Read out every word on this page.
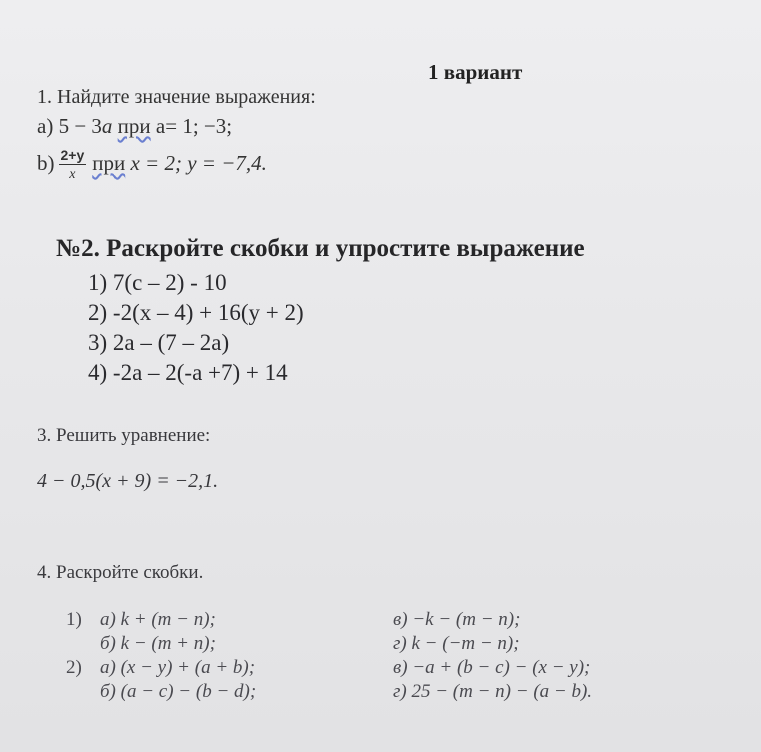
1 вариант
1. Найдите значение выражения:
a) 5 − 3a при a= 1; −3;
$b) \frac{2+y}{x}$ при x = 2; y = −7,4.
№2. Раскройте скобки и упростите выражение
1) 7(c – 2) - 10
2) -2(x – 4) + 16(y + 2)
3) 2a – (7 – 2a)
4) -2a – 2(-a +7) + 14
3. Решить уравнение:
4 − 0,5(x + 9) = −2,1.
4. Раскройте скобки.
1) a) k + (m − n);	в) −k − (m − n);
б) k − (m + n);	г) k − (−m − n);
2) a) (x − y) + (a + b);	в) −a + (b − c) − (x − y);
б) (a − c) − (b − d);	г) 25 − (m − n) − (a − b).
